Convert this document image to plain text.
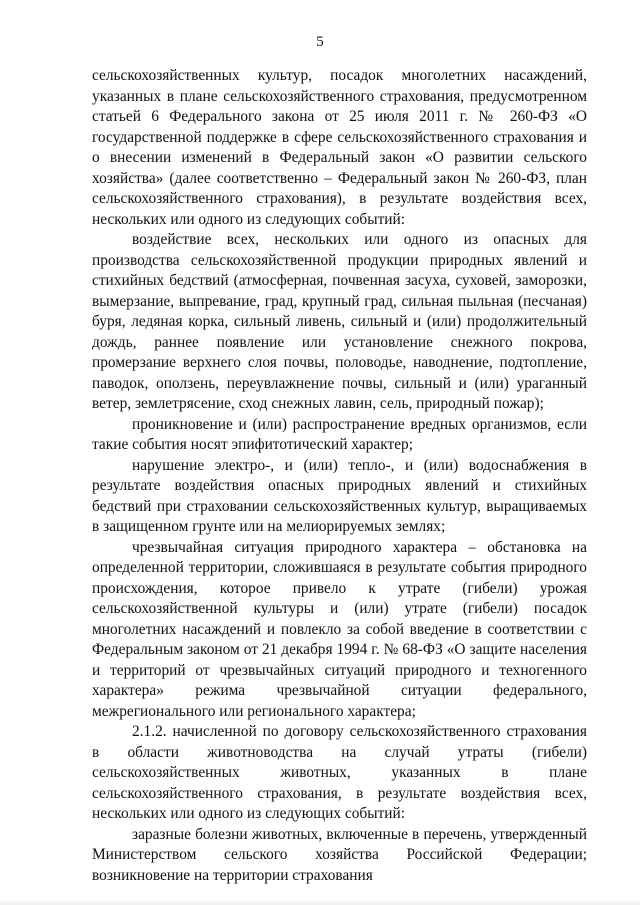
5

сельскохозяйственных культур, посадок многолетних насаждений, указанных в плане сельскохозяйственного страхования, предусмотренном статьей 6 Федерального закона от 25 июля 2011 г. № 260-ФЗ «О государственной поддержке в сфере сельскохозяйственного страхования и о внесении изменений в Федеральный закон «О развитии сельского хозяйства» (далее соответственно – Федеральный закон № 260-ФЗ, план сельскохозяйственного страхования), в результате воздействия всех, нескольких или одного из следующих событий:

воздействие всех, нескольких или одного из опасных для производства сельскохозяйственной продукции природных явлений и стихийных бедствий (атмосферная, почвенная засуха, суховей, заморозки, вымерзание, выпревание, град, крупный град, сильная пыльная (песчаная) буря, ледяная корка, сильный ливень, сильный и (или) продолжительный дождь, раннее появление или установление снежного покрова, промерзание верхнего слоя почвы, половодье, наводнение, подтопление, паводок, оползень, переувлажнение почвы, сильный и (или) ураганный ветер, землетрясение, сход снежных лавин, сель, природный пожар);

проникновение и (или) распространение вредных организмов, если такие события носят эпифитотический характер;

нарушение электро-, и (или) тепло-, и (или) водоснабжения в результате воздействия опасных природных явлений и стихийных бедствий при страховании сельскохозяйственных культур, выращиваемых в защищенном грунте или на мелиорируемых землях;

чрезвычайная ситуация природного характера – обстановка на определенной территории, сложившаяся в результате события природного происхождения, которое привело к утрате (гибели) урожая сельскохозяйственной культуры и (или) утрате (гибели) посадок многолетних насаждений и повлекло за собой введение в соответствии с Федеральным законом от 21 декабря 1994 г. № 68-ФЗ «О защите населения и территорий от чрезвычайных ситуаций природного и техногенного характера» режима чрезвычайной ситуации федерального, межрегионального или регионального характера;

2.1.2. начисленной по договору сельскохозяйственного страхования в области животноводства на случай утраты (гибели) сельскохозяйственных животных, указанных в плане сельскохозяйственного страхования, в результате воздействия всех, нескольких или одного из следующих событий:

заразные болезни животных, включенные в перечень, утвержденный Министерством сельского хозяйства Российской Федерации; возникновение на территории страхования
